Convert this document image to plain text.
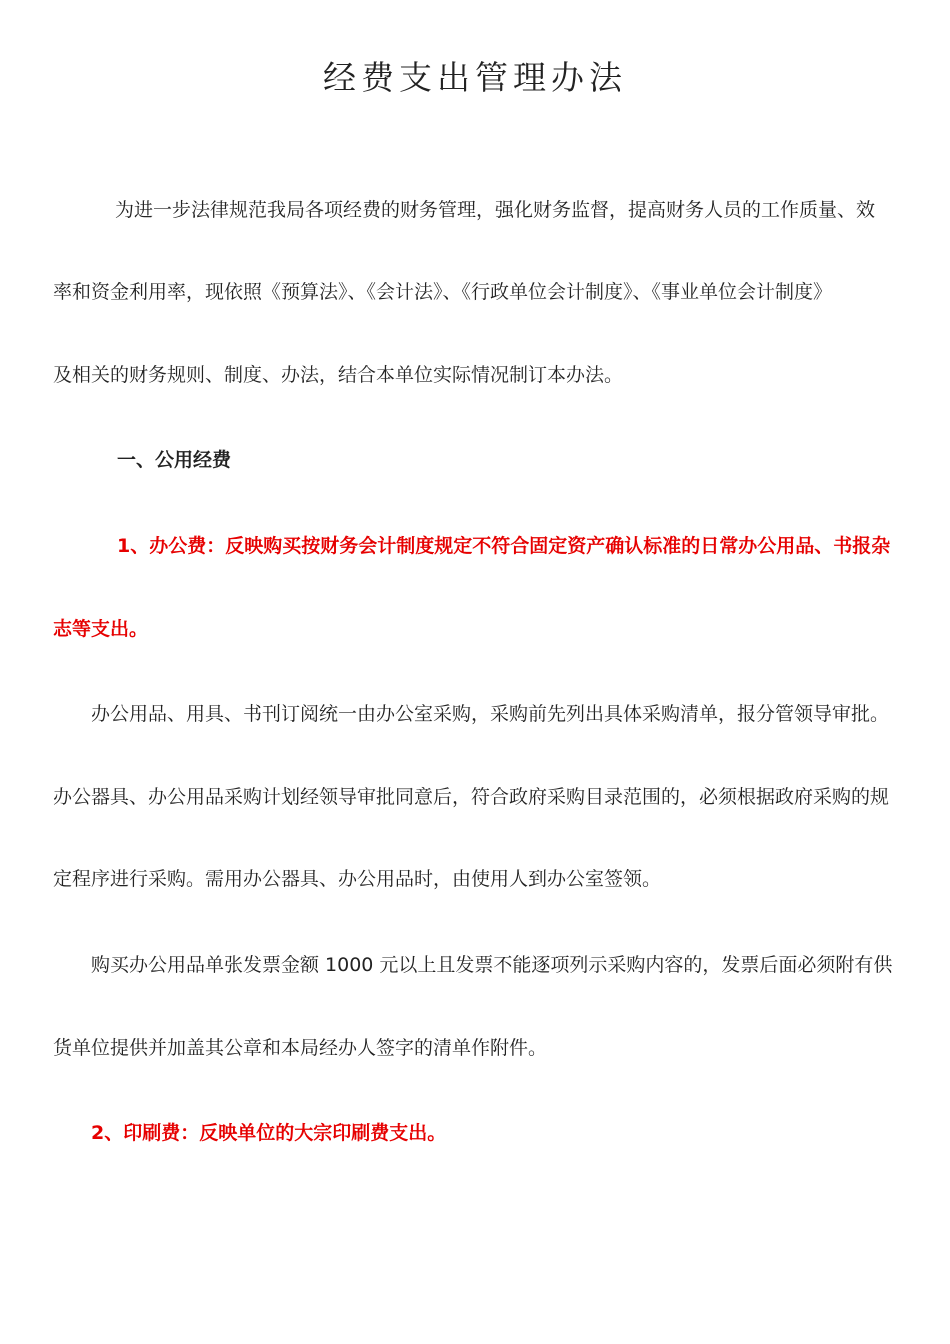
经费支出管理办法

为进一步法律规范我局各项经费的财务管理，强化财务监督，提高财务人员的工作质量、效

率和资金利用率，现依照《预算法》、《会计法》、《行政单位会计制度》、《事业单位会计制度》

及相关的财务规则、制度、办法，结合本单位实际情况制订本办法。

一、公用经费

1、办公费：反映购买按财务会计制度规定不符合固定资产确认标准的日常办公用品、书报杂

志等支出。

办公用品、用具、书刊订阅统一由办公室采购，采购前先列出具体采购清单，报分管领导审批。

办公器具、办公用品采购计划经领导审批同意后，符合政府采购目录范围的，必须根据政府采购的规

定程序进行采购。需用办公器具、办公用品时，由使用人到办公室签领。

购买办公用品单张发票金额 1000 元以上且发票不能逐项列示采购内容的，发票后面必须附有供

货单位提供并加盖其公章和本局经办人签字的清单作附件。

2、印刷费：反映单位的大宗印刷费支出。
